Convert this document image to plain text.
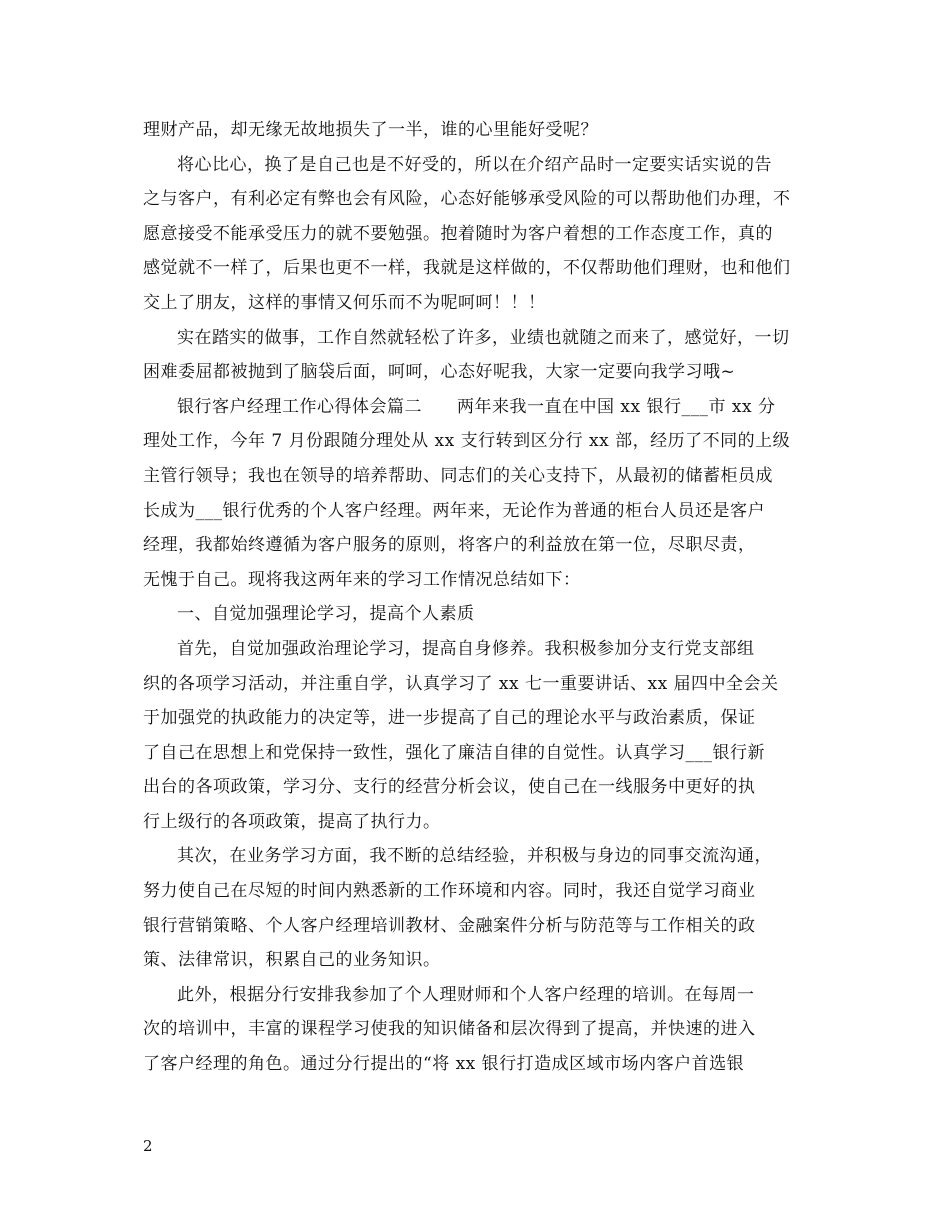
理财产品，却无缘无故地损失了一半，谁的心里能好受呢？
将心比心，换了是自己也是不好受的，所以在介绍产品时一定要实话实说的告
之与客户，有利必定有弊也会有风险，心态好能够承受风险的可以帮助他们办理，不
愿意接受不能承受压力的就不要勉强。抱着随时为客户着想的工作态度工作，真的
感觉就不一样了，后果也更不一样，我就是这样做的，不仅帮助他们理财，也和他们
交上了朋友，这样的事情又何乐而不为呢呵呵！！！
实在踏实的做事，工作自然就轻松了许多，业绩也就随之而来了，感觉好，一切
困难委屈都被抛到了脑袋后面，呵呵，心态好呢我，大家一定要向我学习哦~
银行客户经理工作心得体会篇二　　两年来我一直在中国 xx 银行___市 xx 分
理处工作，今年 7 月份跟随分理处从 xx 支行转到区分行 xx 部，经历了不同的上级
主管行领导；我也在领导的培养帮助、同志们的关心支持下，从最初的储蓄柜员成
长成为___银行优秀的个人客户经理。两年来，无论作为普通的柜台人员还是客户
经理，我都始终遵循为客户服务的原则，将客户的利益放在第一位，尽职尽责，
无愧于自己。现将我这两年来的学习工作情况总结如下：
一、自觉加强理论学习，提高个人素质
首先，自觉加强政治理论学习，提高自身修养。我积极参加分支行党支部组
织的各项学习活动，并注重自学，认真学习了 xx 七一重要讲话、xx 届四中全会关
于加强党的执政能力的决定等，进一步提高了自己的理论水平与政治素质，保证
了自己在思想上和党保持一致性，强化了廉洁自律的自觉性。认真学习___银行新
出台的各项政策，学习分、支行的经营分析会议，使自己在一线服务中更好的执
行上级行的各项政策，提高了执行力。
其次，在业务学习方面，我不断的总结经验，并积极与身边的同事交流沟通，
努力使自己在尽短的时间内熟悉新的工作环境和内容。同时，我还自觉学习商业
银行营销策略、个人客户经理培训教材、金融案件分析与防范等与工作相关的政
策、法律常识，积累自己的业务知识。
此外，根据分行安排我参加了个人理财师和个人客户经理的培训。在每周一
次的培训中，丰富的课程学习使我的知识储备和层次得到了提高，并快速的进入
了客户经理的角色。通过分行提出的“将 xx 银行打造成区域市场内客户首选银
2
